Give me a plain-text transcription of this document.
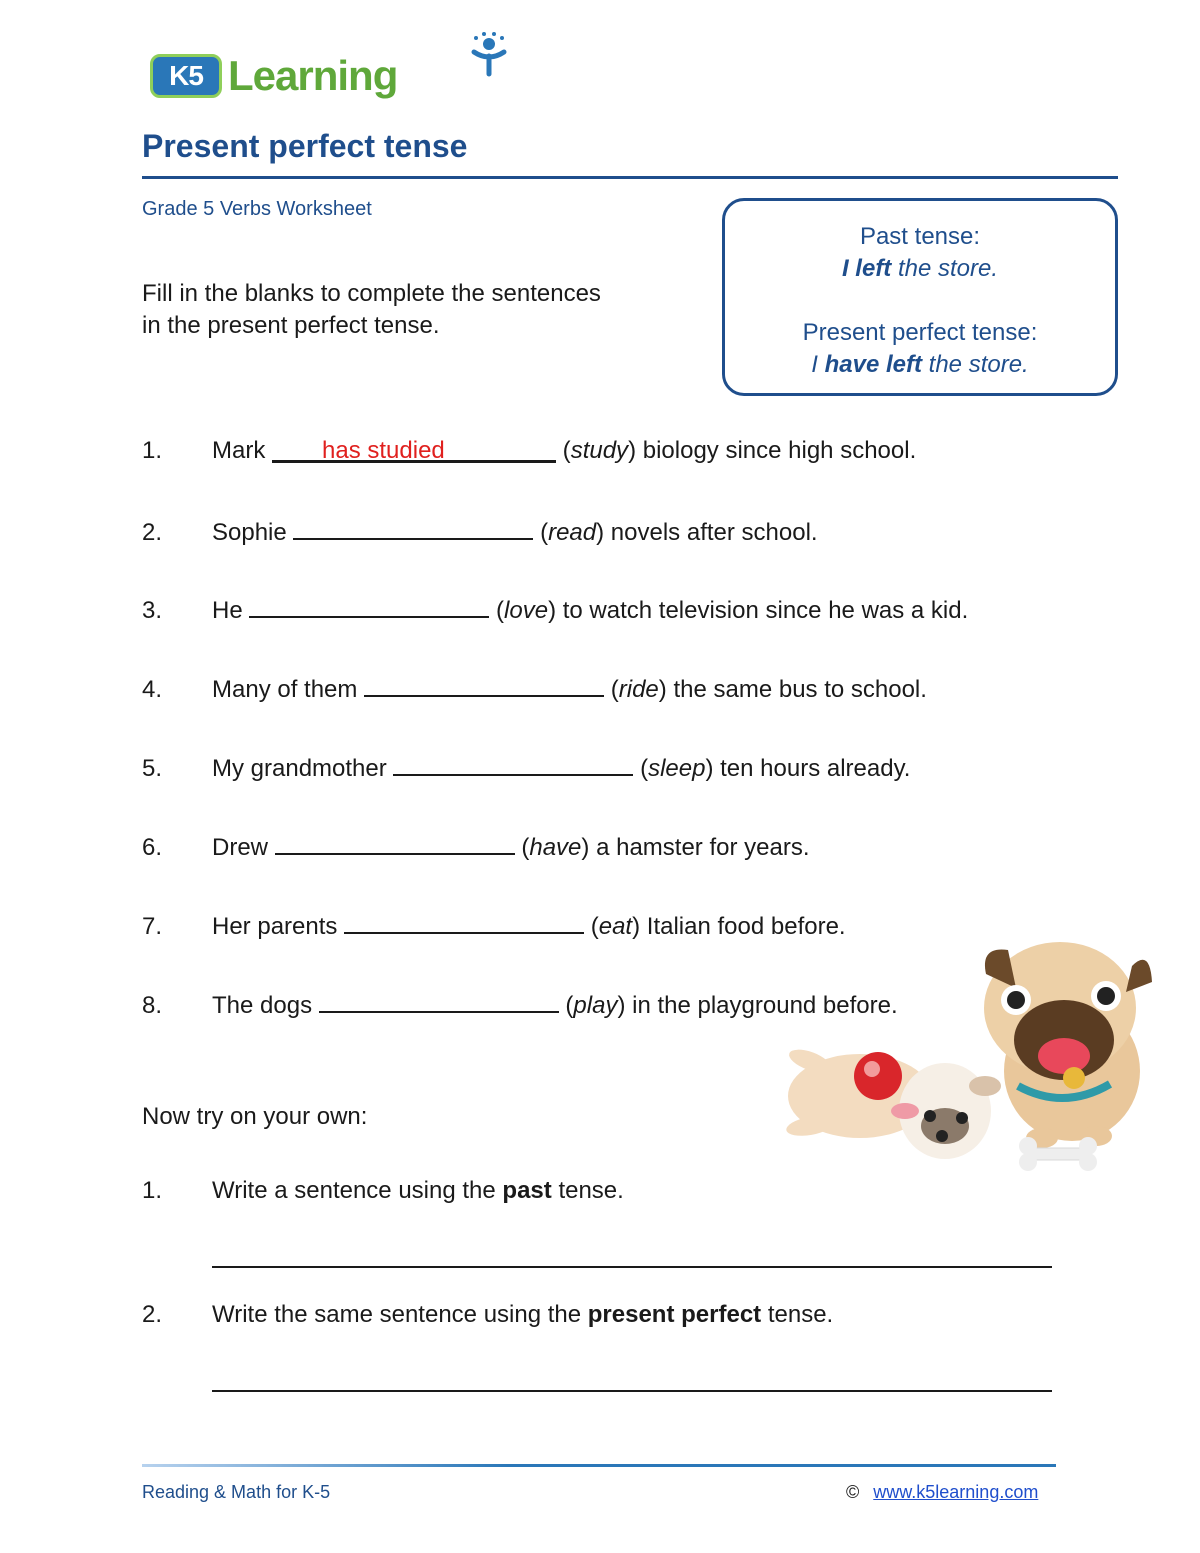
K5 Learning
Present perfect tense
Grade 5 Verbs Worksheet
Fill in the blanks to complete the sentences in the present perfect tense.
Past tense:
I left the store.
Present perfect tense:
I have left the store.
1. Mark has studied	(study) biology since high school.
2. Sophie	(read) novels after school.
3. He	(love) to watch television since he was a kid.
4. Many of them	(ride) the same bus to school.
5. My grandmother	(sleep) ten hours already.
6. Drew	(have) a hamster for years.
7. Her parents	(eat) Italian food before.
8. The dogs	(play) in the playground before.
Now try on your own:
1. Write a sentence using the past tense.
2. Write the same sentence using the present perfect tense.
Reading & Math for K-5	© www.k5learning.com
